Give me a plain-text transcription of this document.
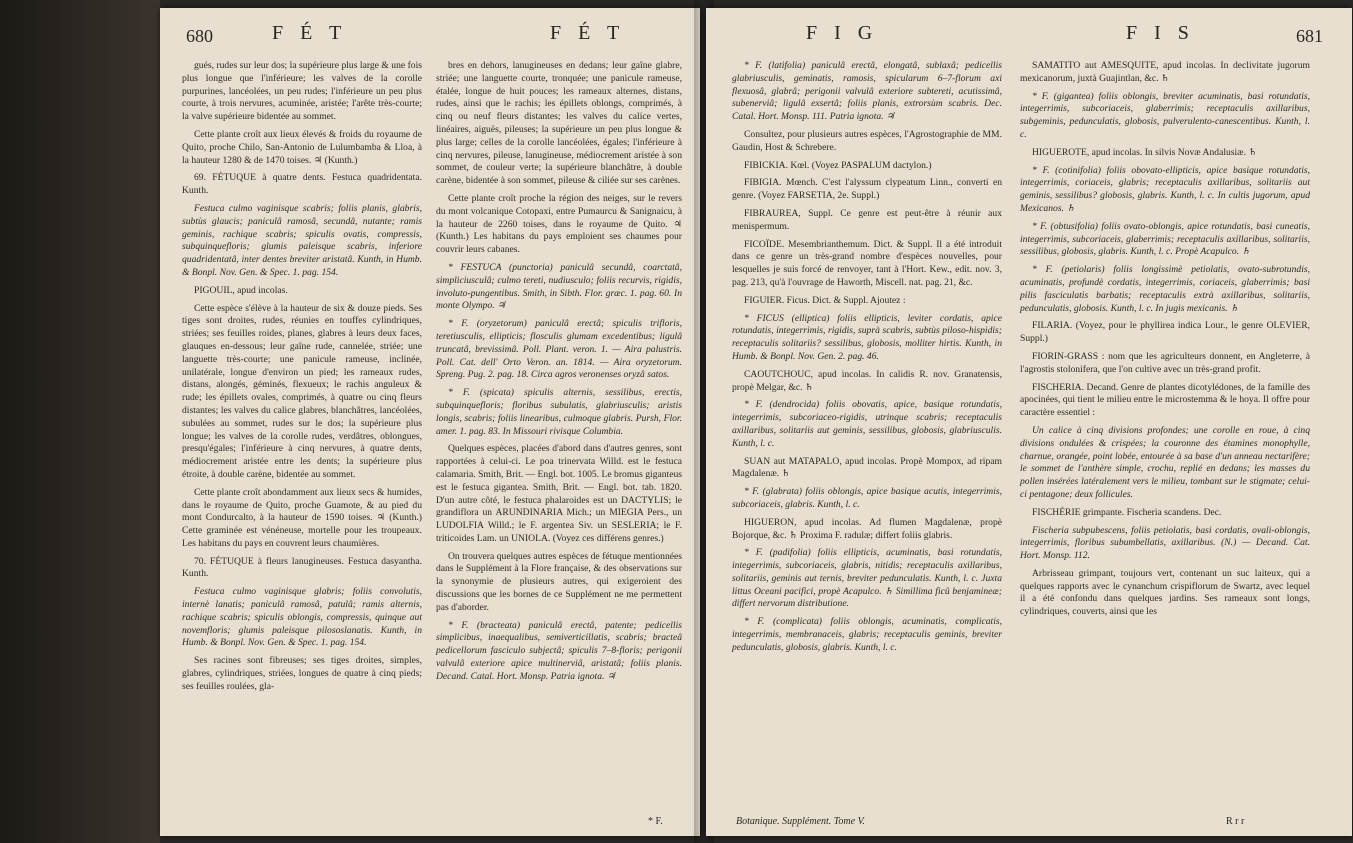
680	F É T	F É T

gués, rudes sur leur dos; la supérieure plus large & une fois plus longue que l'inférieure; les valves de la corolle purpurines, lancéolées, un peu rudes; l'inférieure un peu plus courte, à trois nervures, acuminée, aristée; l'arête très-courte; la valve supérieure bidentée au sommet.

Cette plante croît aux lieux élevés & froids du royaume de Quito, proche Chilo, San-Antonio de Lulumbamba & Lloa, à la hauteur 1280 & de 1470 toises. ♃ (Kunth.)

69. FÉTUQUE à quatre dents. Festuca quadridentata. Kunth.

Festuca culmo vaginisque scabris; foliis planis, glabris, subtùs glaucis; paniculâ ramosâ, secundâ, nutante; ramis geminis, rachique scabris; spiculis ovatis, compressis, subquinquefloris; glumis paleisque scabris, inferiore quadridentatâ, inter dentes breviter aristatâ. Kunth, in Humb. & Bonpl. Nov. Gen. & Spec. 1. pag. 154.

PIGOUIL, apud incolas.

Cette espèce s'élève à la hauteur de six & douze pieds. Ses tiges sont droites, rudes, réunies en touffes cylindriques, striées; ses feuilles roides, planes, glabres à leurs deux faces, glauques en-dessous; leur gaîne rude, cannelée, striée; une languette très-courte; une panicule rameuse, inclinée, unilatérale, longue d'environ un pied; les rameaux rudes, distans, alongés, géminés, flexueux; le rachis anguleux & rude; les épillets ovales, comprimés, à quatre ou cinq fleurs distantes; les valves du calice glabres, blanchâtres, lancéolées, subulées au sommet, rudes sur le dos; la supérieure plus longue; les valves de la corolle rudes, verdâtres, oblongues, presqu'égales; l'inférieure à cinq nervures, à quatre dents, médiocrement aristée entre les dents; la supérieure plus étroite, à double carène, bidentée au sommet.

Cette plante croît abondamment aux lieux secs & humides, dans le royaume de Quito, proche Guamote, & au pied du mont Condurcalto, à la hauteur de 1590 toises. ♃ (Kunth.) Cette graminée est vénéneuse, mortelle pour les troupeaux. Les habitans du pays en couvrent leurs chaumières.

70. FÉTUQUE à fleurs lanugineuses. Festuca dasyantha. Kunth.

Festuca culmo vaginisque glabris; foliis convolutis, internè lanatis; paniculâ ramosâ, patulâ; ramis alternis, rachique scabris; spiculis oblongis, compressis, quinque aut novemfloris; glumis paleisque pilososlanatis. Kunth, in Humb. & Bonpl. Nov. Gen. & Spec. 1. pag. 154.

Ses racines sont fibreuses; ses tiges droites, simples, glabres, cylindriques, striées, longues de quatre à cinq pieds; ses feuilles roulées, gla-

bres en dehors, lanugineuses en dedans; leur gaîne glabre, striée; une languette courte, tronquée; une panicule rameuse, étalée, longue de huit pouces; les rameaux alternes, distans, rudes, ainsi que le rachis; les épillets oblongs, comprimés, à cinq ou neuf fleurs distantes; les valves du calice vertes, linéaires, aiguës, pileuses; la supérieure un peu plus longue & plus large; celles de la corolle lancéolées, égales; l'inférieure à cinq nervures, pileuse, lanugineuse, médiocrement aristée à son sommet, de couleur verte; la supérieure blanchâtre, à double carène, bidentée à son sommet, pileuse & ciliée sur ses carènes.

Cette plante croît proche la région des neiges, sur le revers du mont volcanique Cotopaxi, entre Pumaurcu & Sanignaicu, à la hauteur de 2260 toises, dans le royaume de Quito. ♃ (Kunth.) Les habitans du pays emploient ses chaumes pour couvrir leurs cabanes.

* FESTUCA (punctoria) paniculâ secundâ, coarctatâ, simpliciusculâ; culmo tereti, nudiusculo; foliis recurvis, rigidis, involuto-pungentibus. Smith, in Sibth. Flor. græc. 1. pag. 60. In monte Olympo. ♃

* F. (oryzetorum) paniculâ erectâ; spiculis trifloris, teretiusculis, ellipticis; flosculis glumam excedentibus; ligulâ truncatâ, brevissimâ. Poll. Plant. veron. 1. — Aira palustris. Poll. Cat. dell' Orto Veron. an. 1814. — Aira oryzetorum. Spreng. Pug. 2. pag. 18. Circa agros veronenses oryzâ satos.

* F. (spicata) spiculis alternis, sessilibus, erectis, subquinquefloris; floribus subulatis, glabriusculis; aristis longis, scabris; foliis linearibus, culmoque glabris. Pursh, Flor. amer. 1. pag. 83. In Missouri rivisque Columbia.

Quelques espèces, placées d'abord dans d'autres genres, sont rapportées à celui-ci. Le poa trinervata Willd. est le festuca calamaria. Smith, Brit. — Engl. bot. 1005. Le bromus giganteus est le festuca gigantea. Smith, Brit. — Engl. bot. tab. 1820. D'un autre côté, le festuca phalaroides est un DACTYLIS; le grandiflora un ARUNDINARIA Mich.; un MIEGIA Pers., un LUDOLFIA Willd.; le F. argentea Siv. un SESLERIA; le F. triticoides Lam. un UNIOLA. (Voyez ces différens genres.)

On trouvera quelques autres espèces de fétuque mentionnées dans le Supplément à la Flore française, & des observations sur la synonymie de plusieurs autres, qui exigeroient des discussions que les bornes de ce Supplément ne me permettent pas d'aborder.

* F. (bracteata) paniculâ erectâ, patente; pedicellis simplicibus, inaequalibus, semiverticillatis, scabris; bracteâ pedicellorum fasciculo subjectâ; spiculis 7–8-floris; perigonii valvulâ exteriore apice multinerviâ, aristatâ; foliis planis. Decand. Catal. Hort. Monsp. Patria ignota. ♃

* F.
F I G	F I S	681

* F. (latifolia) paniculâ erectâ, elongatâ, sublaxâ; pedicellis glabriusculis, geminatis, ramosis, spicularum 6–7-florum axi flexuosâ, glabrâ; perigonii valvulâ exteriore subtereti, acutissimâ, subenerviâ; ligulâ exsertâ; foliis planis, extrorsùm scabris. Dec. Catal. Hort. Monsp. 111. Patria ignota. ♃

Consultez, pour plusieurs autres espèces, l'Agrostographie de MM. Gaudin, Host & Schrebere.

FIBICKIA. Kœl. (Voyez PASPALUM dactylon.)

FIBIGIA. Mœnch. C'est l'alyssum clypeatum Linn., converti en genre. (Voyez FARSETIA, 2e. Suppl.)

FIBRAUREA, Suppl. Ce genre est peut-être à réunir aux menispermum.

FICOÏDE. Mesembrianthemum. Dict. & Suppl. Il a été introduit dans ce genre un très-grand nombre d'espèces nouvelles, pour lesquelles je suis forcé de renvoyer, tant à l'Hort. Kew., edit. nov. 3, pag. 213, qu'à l'ouvrage de Haworth, Miscell. nat. pag. 21, &c.

FIGUIER. Ficus. Dict. & Suppl. Ajoutez :

* FICUS (elliptica) foliis ellipticis, leviter cordatis, apice rotundatis, integerrimis, rigidis, suprà scabris, subtùs piloso-hispidis; receptaculis solitariis? sessilibus, globosis, molliter hirtis. Kunth, in Humb. & Bonpl. Nov. Gen. 2. pag. 46.

CAOUTCHOUC, apud incolas. In calidis R. nov. Granatensis, propè Melgar, &c. ♄

* F. (dendrocida) foliis obovatis, apice, basique rotundatis, integerrimis, subcoriaceo-rigidis, utrinque scabris; receptaculis axillaribus, solitariis aut geminis, sessilibus, globosis, glabriusculis. Kunth, l. c.

SUAN aut MATAPALO, apud incolas. Propè Mompox, ad ripam Magdalenæ. ♄

* F. (glabrata) foliis oblongis, apice basique acutis, integerrimis, subcoriaceis, glabris. Kunth, l. c.

HIGUERON, apud incolas. Ad flumen Magdalenæ, propè Bojorque, &c. ♄ Proxima F. radulæ; differt foliis glabris.

* F. (padifolia) foliis ellipticis, acuminatis, basi rotundatis, integerrimis, subcoriaceis, glabris, nitidis; receptaculis axillaribus, solitariis, geminis aut ternis, breviter pedunculatis. Kunth, l. c. Juxta littus Oceani pacifici, propè Acapulco. ♄ Simillima ficû benjamineæ; differt nervorum distributione.

* F. (complicata) foliis oblongis, acuminatis, complicatis, integerrimis, membranaceis, glabris; receptaculis geminis, breviter pedunculatis, globosis, glabris. Kunth, l. c.

SAMATITO aut AMESQUITE, apud incolas. In declivitate jugorum mexicanorum, juxtà Guajintlan, &c. ♄

* F. (gigantea) foliis oblongis, breviter acuminatis, basi rotundatis, integerrimis, subcoriaceis, glaberrimis; receptaculis axillaribus, subgeminis, pedunculatis, globosis, pulverulento-canescentibus. Kunth, l. c.

HIGUEROTE, apud incolas. In silvis Novæ Andalusiæ. ♄

* F. (cotinifolia) foliis obovato-ellipticis, apice basique rotundatis, integerrimis, coriaceis, glabris; receptaculis axillaribus, solitariis aut geminis, sessilibus? globosis, glabris. Kunth, l. c. In cultis jugorum, apud Mexicanos. ♄

* F. (obtusifolia) foliis ovato-oblongis, apice rotundatis, basi cuneatis, integerrimis, subcoriaceis, glaberrimis; receptaculis axillaribus, solitariis, sessilibus, globosis, glabris. Kunth, l. c. Propè Acapulco. ♄

* F. (petiolaris) foliis longissimè petiolatis, ovato-subrotundis, acuminatis, profundè cordatis, integerrimis, coriaceis, glaberrimis; basi pilis fasciculatis barbatis; receptaculis extrà axillaribus, solitariis, pedunculatis, globosis. Kunth, l. c. In jugis mexicanis. ♄

FILARIA. (Voyez, pour le phyllirea indica Lour., le genre OLEVIER, Suppl.)

FIORIN-GRASS : nom que les agriculteurs donnent, en Angleterre, à l'agrostis stolonifera, que l'on cultive avec un très-grand profit.

FISCHERIA. Decand. Genre de plantes dicotylédones, de la famille des apocinées, qui tient le milieu entre le microstemma & le hoya. Il offre pour caractère essentiel :

Un calice à cinq divisions profondes; une corolle en roue, à cinq divisions ondulées & crispées; la couronne des étamines monophylle, charnue, orangée, point lobée, entourée à sa base d'un anneau nectarifère; le sommet de l'anthère simple, crochu, replié en dedans; les masses du pollen insérées latéralement vers le milieu, tombant sur le stigmate; celui-ci pentagone; deux follicules.

FISCHÉRIE grimpante. Fischeria scandens. Dec.

Fischeria subpubescens, foliis petiolatis, basi cordatis, ovali-oblongis, integerrimis, floribus subumbellatis, axillaribus. (N.) — Decand. Cat. Hort. Monsp. 112.

Arbrisseau grimpant, toujours vert, contenant un suc laiteux, qui a quelques rapports avec le cynanchum crispiflorum de Swartz, avec lequel il a été confondu dans quelques jardins. Ses rameaux sont longs, cylindriques, couverts, ainsi que les

Botanique. Supplément. Tome V.	R r r
